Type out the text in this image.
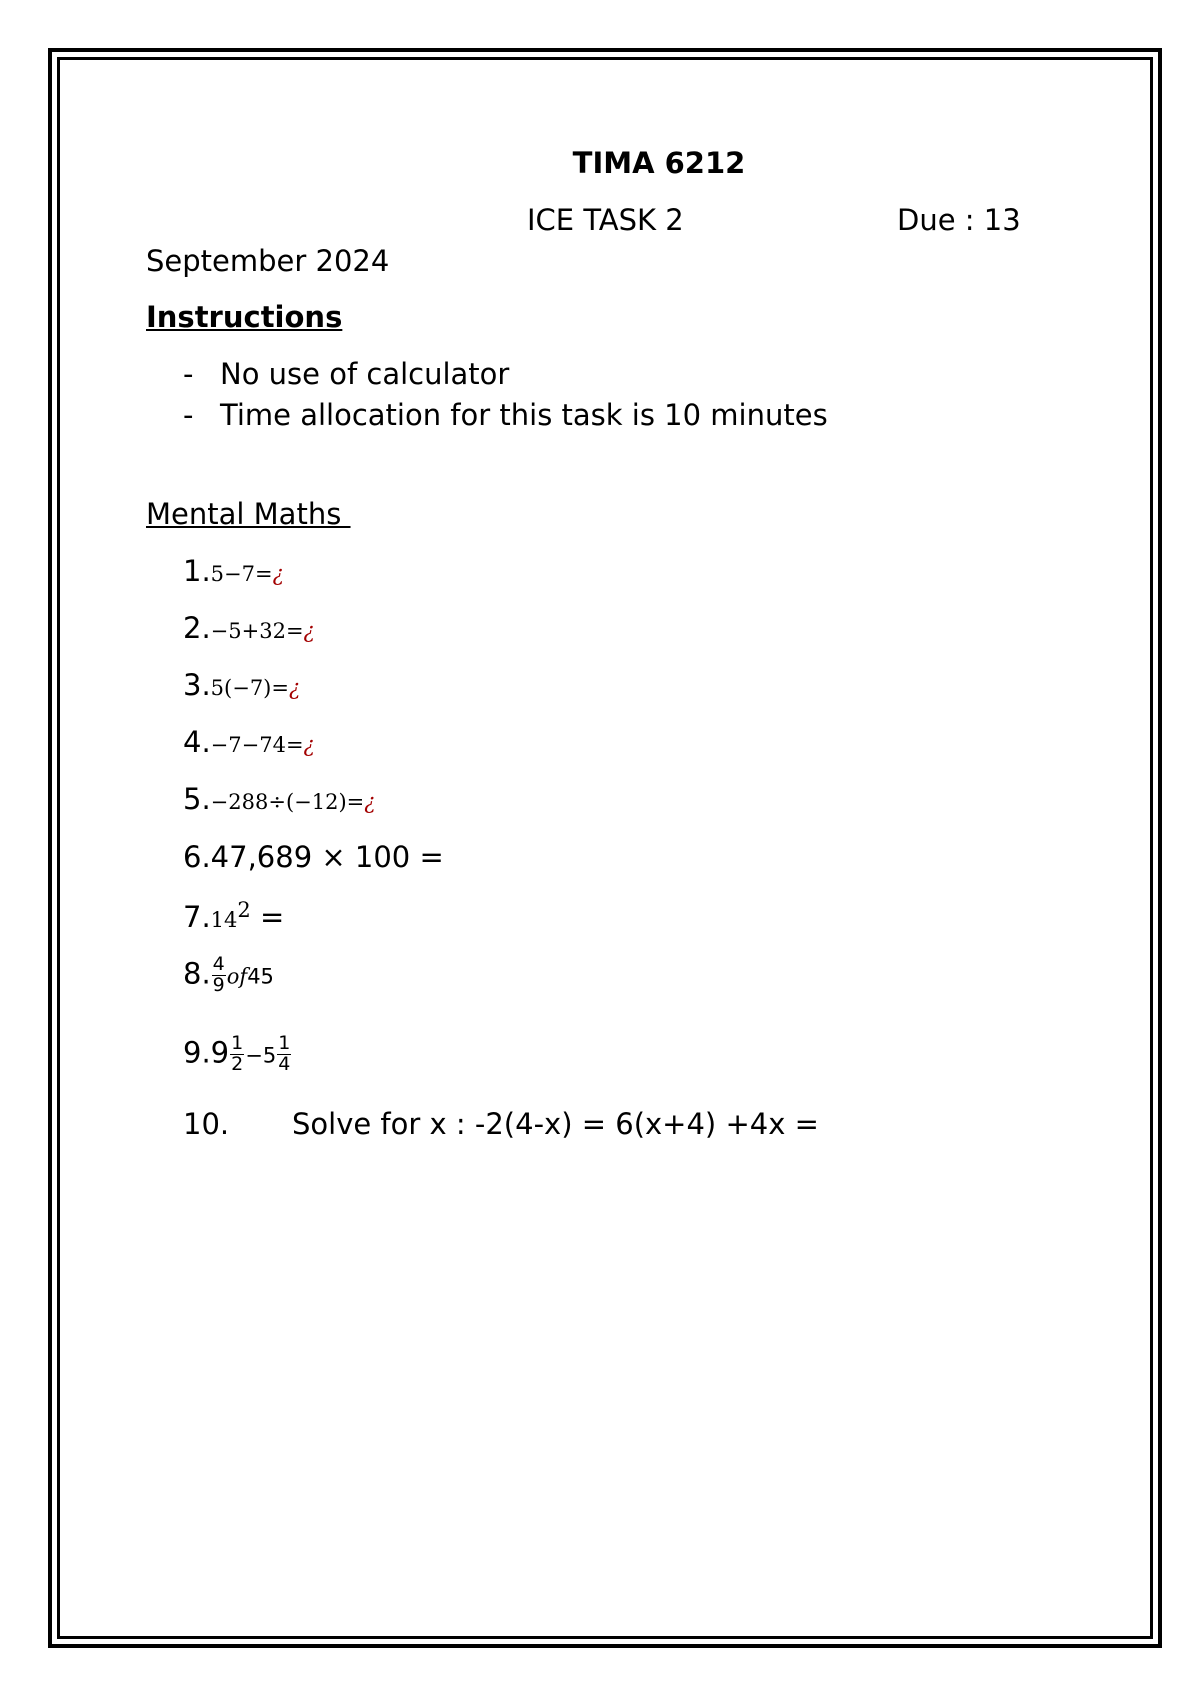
TIMA 6212
ICE TASK 2	Due : 13
September 2024
Instructions
- No use of calculator
- Time allocation for this task is 10 minutes
Mental Maths
1.5−7=¿
2.−5+32=¿
3.5(−7)=¿
4.−7−74=¿
5.−288÷(−12)=¿
6.47,689 × 100 =
$7.14^2$ =
8. $\frac{4}{9} of45$
$9.9 \frac{1}{2} -5 \frac{1}{4}$
10. Solve for x : -2(4-x) = 6(x+4) +4x =
